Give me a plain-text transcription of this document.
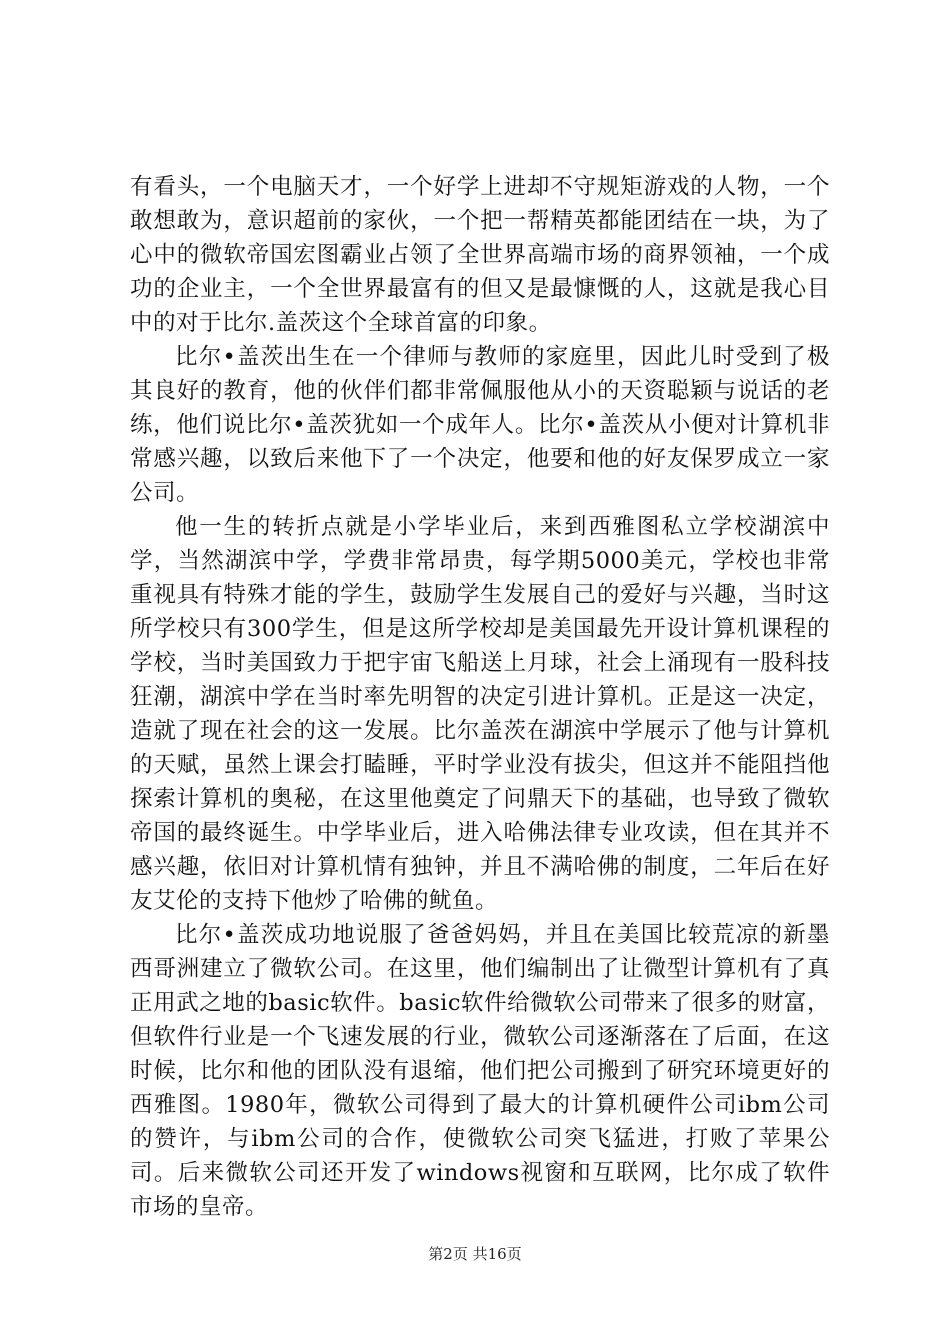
有看头，一个电脑天才，一个好学上进却不守规矩游戏的人物，一个敢想敢为，意识超前的家伙，一个把一帮精英都能团结在一块，为了心中的微软帝国宏图霸业占领了全世界高端市场的商界领袖，一个成功的企业主，一个全世界最富有的但又是最慷慨的人，这就是我心目中的对于比尔.盖茨这个全球首富的印象。

比尔•盖茨出生在一个律师与教师的家庭里，因此儿时受到了极其良好的教育，他的伙伴们都非常佩服他从小的天资聪颖与说话的老练，他们说比尔•盖茨犹如一个成年人。比尔•盖茨从小便对计算机非常感兴趣，以致后来他下了一个决定，他要和他的好友保罗成立一家公司。

他一生的转折点就是小学毕业后，来到西雅图私立学校湖滨中学，当然湖滨中学，学费非常昂贵，每学期5000美元，学校也非常重视具有特殊才能的学生，鼓励学生发展自己的爱好与兴趣，当时这所学校只有300学生，但是这所学校却是美国最先开设计算机课程的学校，当时美国致力于把宇宙飞船送上月球，社会上涌现有一股科技狂潮，湖滨中学在当时率先明智的决定引进计算机。正是这一决定，造就了现在社会的这一发展。比尔盖茨在湖滨中学展示了他与计算机的天赋，虽然上课会打瞌睡，平时学业没有拔尖，但这并不能阻挡他探索计算机的奥秘，在这里他奠定了问鼎天下的基础，也导致了微软帝国的最终诞生。中学毕业后，进入哈佛法律专业攻读，但在其并不感兴趣，依旧对计算机情有独钟，并且不满哈佛的制度，二年后在好友艾伦的支持下他炒了哈佛的鱿鱼。

比尔•盖茨成功地说服了爸爸妈妈，并且在美国比较荒凉的新墨西哥洲建立了微软公司。在这里，他们编制出了让微型计算机有了真正用武之地的basic软件。basic软件给微软公司带来了很多的财富，但软件行业是一个飞速发展的行业，微软公司逐渐落在了后面，在这时候，比尔和他的团队没有退缩，他们把公司搬到了研究环境更好的西雅图。1980年，微软公司得到了最大的计算机硬件公司ibm公司的赞许，与ibm公司的合作，使微软公司突飞猛进，打败了苹果公司。后来微软公司还开发了windows视窗和互联网，比尔成了软件市场的皇帝。

第2页 共16页
